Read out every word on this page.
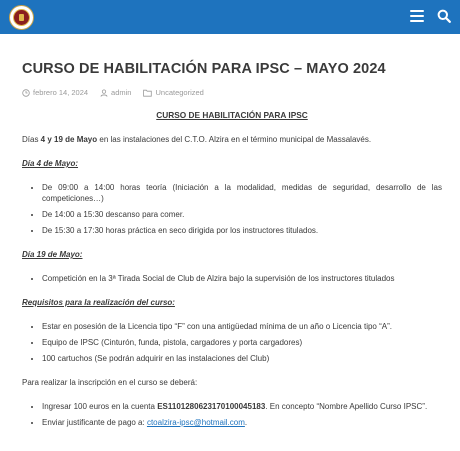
CURSO DE HABILITACIÓN PARA IPSC – MAYO 2024
febrero 14, 2024	admin	Uncategorized

CURSO DE HABILITACIÓN PARA IPSC

Días 4 y 19 de Mayo en las instalaciones del C.T.O. Alzira en el término municipal de Massalavés.

Día 4 de Mayo:

• De 09:00 a 14:00 horas teoría (Iniciación a la modalidad, medidas de seguridad, desarrollo de las competiciones…)
• De 14:00 a 15:30 descanso para comer.
• De 15:30 a 17:30 horas práctica en seco dirigida por los instructores titulados.

Día 19 de Mayo:

• Competición en la 3ª Tirada Social de Club de Alzira bajo la supervisión de los instructores titulados

Requisitos para la realización del curso:

• Estar en posesión de la Licencia tipo “F” con una antigüedad mínima de un año o Licencia tipo “A”.
• Equipo de IPSC (Cinturón, funda, pistola, cargadores y porta cargadores)
• 100 cartuchos (Se podrán adquirir en las instalaciones del Club)

Para realizar la inscripción en el curso se deberá:

• Ingresar 100 euros en la cuenta ES1101280623170100045183. En concepto “Nombre Apellido Curso IPSC”.
• Enviar justificante de pago a: ctoalzira-ipsc@hotmail.com.
